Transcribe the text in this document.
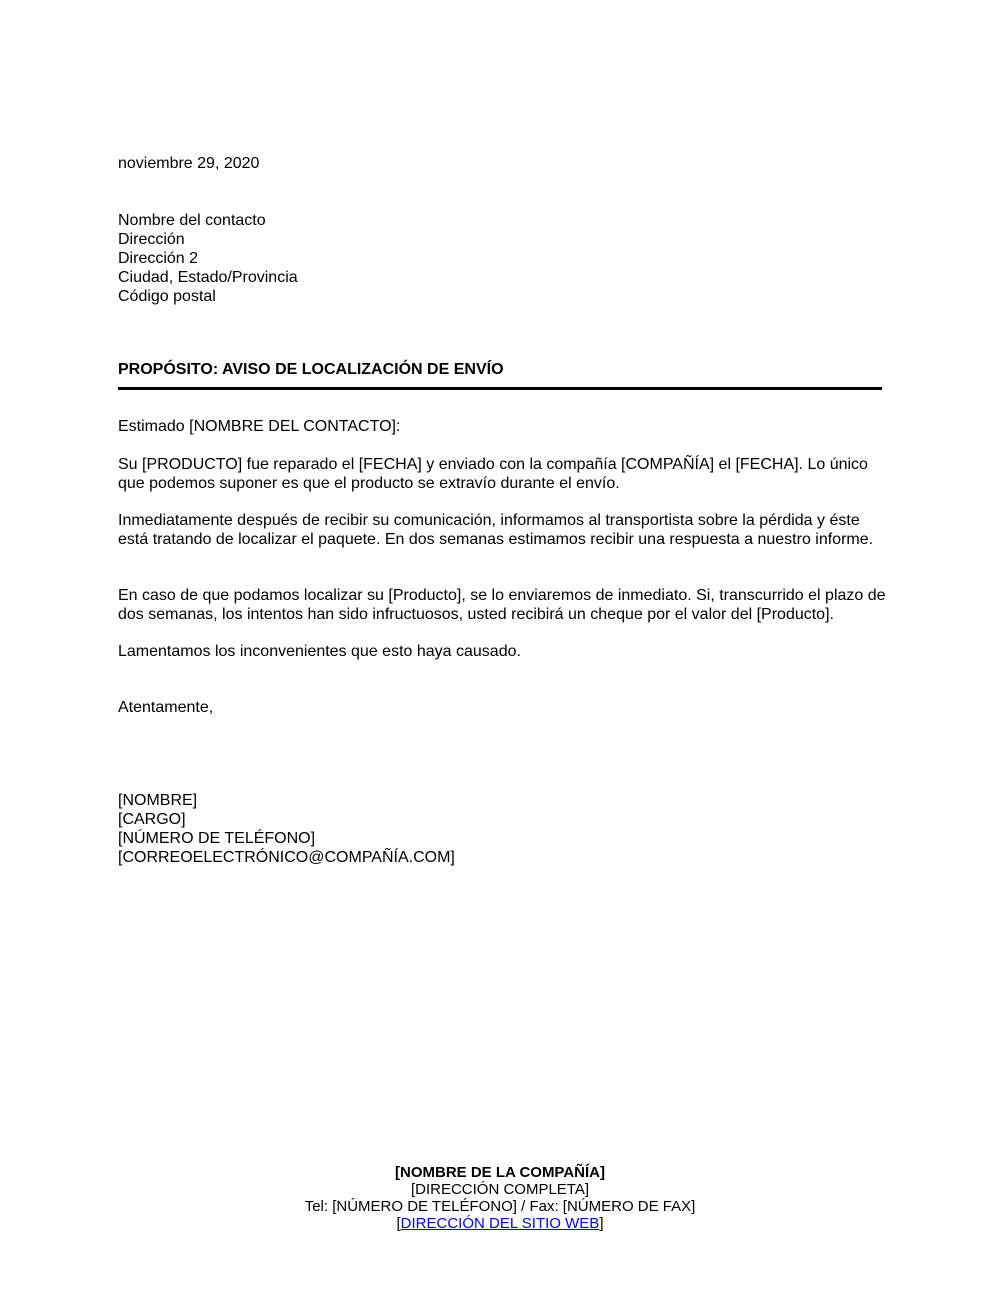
noviembre 29, 2020
Nombre del contacto
Dirección
Dirección 2
Ciudad, Estado/Provincia
Código postal
PROPÓSITO: AVISO DE LOCALIZACIÓN DE ENVÍO
Estimado [NOMBRE DEL CONTACTO]:
Su [PRODUCTO] fue reparado el [FECHA] y enviado con la compañía [COMPAÑÍA] el [FECHA]. Lo único que podemos suponer es que el producto se extravío durante el envío.
Inmediatamente después de recibir su comunicación, informamos al transportista sobre la pérdida y éste está tratando de localizar el paquete. En dos semanas estimamos recibir una respuesta a nuestro informe.
En caso de que podamos localizar su [Producto], se lo enviaremos de inmediato. Si, transcurrido el plazo de dos semanas, los intentos han sido infructuosos, usted recibirá un cheque por el valor del [Producto].
Lamentamos los inconvenientes que esto haya causado.
Atentamente,
[NOMBRE]
[CARGO]
[NÚMERO DE TELÉFONO]
[CORREOELECTRÓNICO@COMPAÑÍA.COM]
[NOMBRE DE LA COMPAÑÍA]
[DIRECCIÓN COMPLETA]
Tel: [NÚMERO DE TELÉFONO] / Fax: [NÚMERO DE FAX]
[DIRECCIÓN DEL SITIO WEB]
